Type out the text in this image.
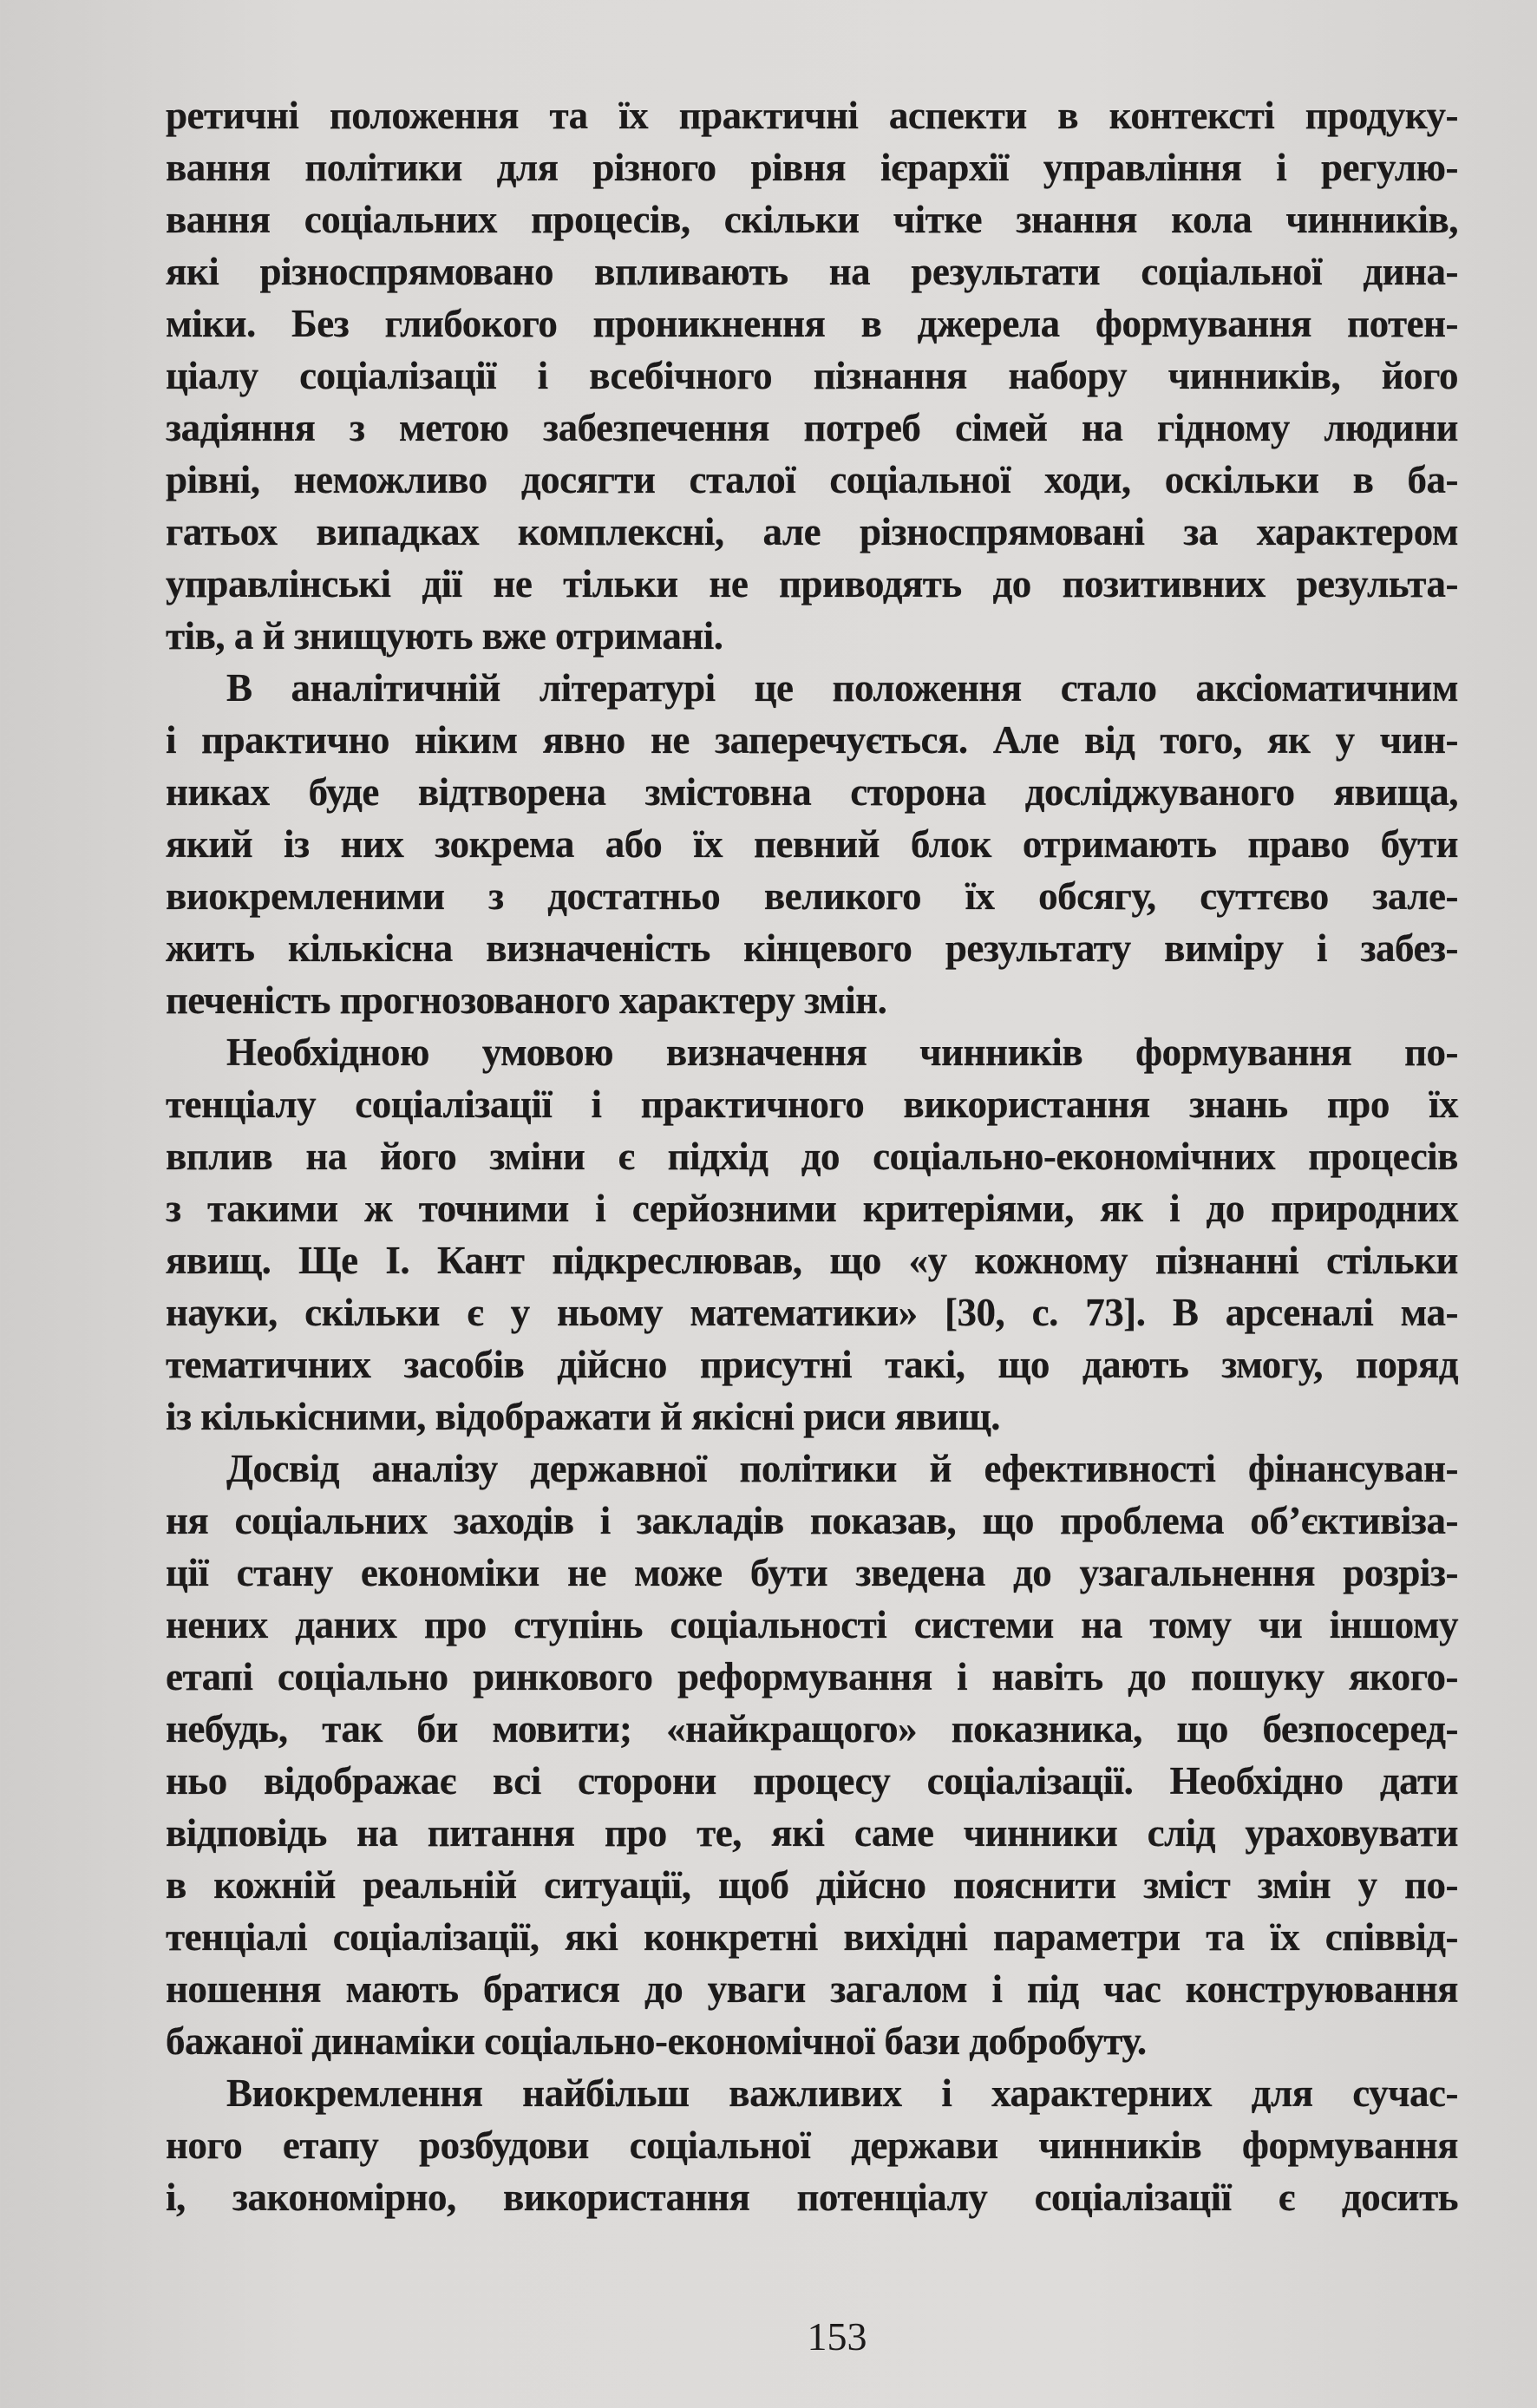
ретичні положення та їх практичні аспекти в контексті продуку-
вання політики для різного рівня ієрархії управління і регулю-
вання соціальних процесів, скільки чітке знання кола чинників,
які різноспрямовано впливають на результати соціальної дина-
міки. Без глибокого проникнення в джерела формування потен-
ціалу соціалізації і всебічного пізнання набору чинників, його
задіяння з метою забезпечення потреб сімей на гідному людини
рівні, неможливо досягти сталої соціальної ходи, оскільки в ба-
гатьох випадках комплексні, але різноспрямовані за характером
управлінські дії не тільки не приводять до позитивних результа-
тів, а й знищують вже отримані.
В аналітичній літературі це положення стало аксіоматичним
і практично ніким явно не заперечується. Але від того, як у чин-
никах буде відтворена змістовна сторона досліджуваного явища,
який із них зокрема або їх певний блок отримають право бути
виокремленими з достатньо великого їх обсягу, суттєво зале-
жить кількісна визначеність кінцевого результату виміру і забез-
печеність прогнозованого характеру змін.
Необхідною умовою визначення чинників формування по-
тенціалу соціалізації і практичного використання знань про їх
вплив на його зміни є підхід до соціально-економічних процесів
з такими ж точними і серйозними критеріями, як і до природних
явищ. Ще І. Кант підкреслював, що «у кожному пізнанні стільки
науки, скільки є у ньому математики» [30, с. 73]. В арсеналі ма-
тематичних засобів дійсно присутні такі, що дають змогу, поряд
із кількісними, відображати й якісні риси явищ.
Досвід аналізу державної політики й ефективності фінансуван-
ня соціальних заходів і закладів показав, що проблема об’єктивіза-
ції стану економіки не може бути зведена до узагальнення розріз-
нених даних про ступінь соціальності системи на тому чи іншому
етапі соціально ринкового реформування і навіть до пошуку якого-
небудь, так би мовити; «найкращого» показника, що безпосеред-
ньо відображає всі сторони процесу соціалізації. Необхідно дати
відповідь на питання про те, які саме чинники слід ураховувати
в кожній реальній ситуації, щоб дійсно пояснити зміст змін у по-
тенціалі соціалізації, які конкретні вихідні параметри та їх співвід-
ношення мають братися до уваги загалом і під час конструювання
бажаної динаміки соціально-економічної бази добробуту.
Виокремлення найбільш важливих і характерних для сучас-
ного етапу розбудови соціальної держави чинників формування
і, закономірно, використання потенціалу соціалізації є досить
153
